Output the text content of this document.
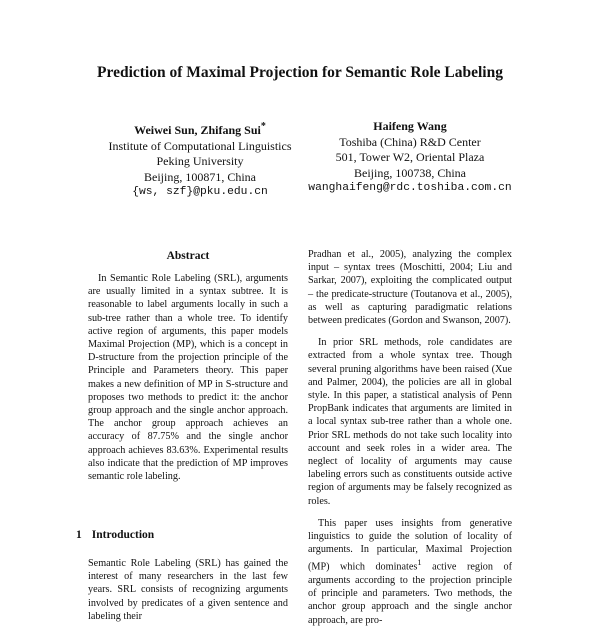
Prediction of Maximal Projection for Semantic Role Labeling
Weiwei Sun, Zhifang Sui*
Institute of Computational Linguistics
Peking University
Beijing, 100871, China
{ws, szf}@pku.edu.cn
Haifeng Wang
Toshiba (China) R&D Center
501, Tower W2, Oriental Plaza
Beijing, 100738, China
wanghaifeng@rdc.toshiba.com.cn
Abstract

In Semantic Role Labeling (SRL), arguments are usually limited in a syntax subtree. It is reasonable to label arguments locally in such a sub-tree rather than a whole tree. To identify active region of arguments, this paper models Maximal Projection (MP), which is a concept in D-structure from the projection principle of the Principle and Parameters theory. This paper makes a new definition of MP in S-structure and proposes two methods to predict it: the anchor group approach and the single anchor approach. The anchor group approach achieves an accuracy of 87.75% and the single anchor approach achieves 83.63%. Experimental results also indicate that the prediction of MP improves semantic role labeling.

1 Introduction

Semantic Role Labeling (SRL) has gained the interest of many researchers in the last few years. SRL consists of recognizing arguments involved by predicates of a given sentence and labeling their

Pradhan et al., 2005), analyzing the complex input – syntax trees (Moschitti, 2004; Liu and Sarkar, 2007), exploiting the complicated output – the predicate-structure (Toutanova et al., 2005), as well as capturing paradigmatic relations between predicates (Gordon and Swanson, 2007).

In prior SRL methods, role candidates are extracted from a whole syntax tree. Though several pruning algorithms have been raised (Xue and Palmer, 2004), the policies are all in global style. In this paper, a statistical analysis of Penn PropBank indicates that arguments are limited in a local syntax sub-tree rather than a whole one. Prior SRL methods do not take such locality into account and seek roles in a wider area. The neglect of locality of arguments may cause labeling errors such as constituents outside active region of arguments may be falsely recognized as roles.

This paper uses insights from generative linguistics to guide the solution of locality of arguments. In particular, Maximal Projection (MP) which dominates$^1$ active region of arguments according to the projection principle of principle and parameters. Two methods, the anchor group approach and the single anchor approach, are pro-
